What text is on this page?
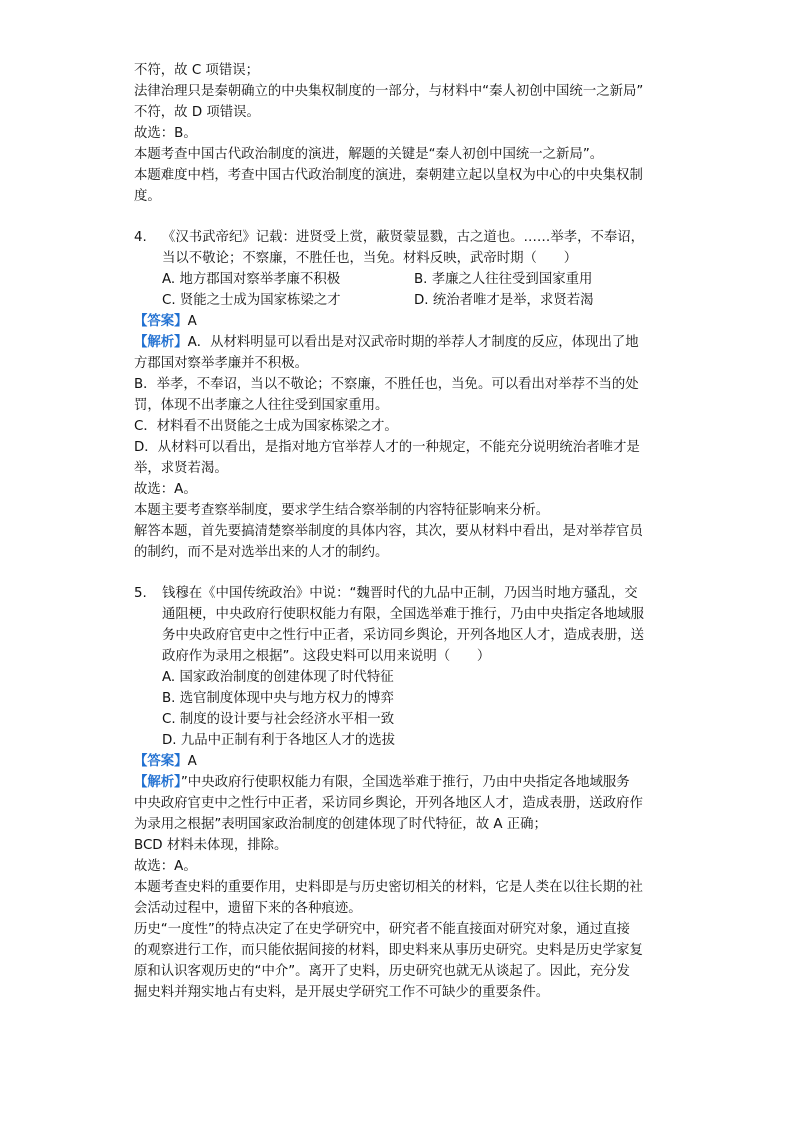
不符，故 C 项错误；
法律治理只是秦朝确立的中央集权制度的一部分，与材料中“秦人初创中国统一之新局”
不符，故 D 项错误。
故选：B。
本题考查中国古代政治制度的演进，解题的关键是“秦人初创中国统一之新局”。
本题难度中档，考查中国古代政治制度的演进，秦朝建立起以皇权为中心的中央集权制
度。
4. 《汉书武帝纪》记载：进贤受上赏，蔽贤蒙显戮，古之道也。……举孝，不奉诏，
当以不敬论；不察廉，不胜任也，当免。材料反映，武帝时期（　　）
A. 地方郡国对察举孝廉不积极	B. 孝廉之人往往受到国家重用
C. 贤能之士成为国家栋梁之才	D. 统治者唯才是举，求贤若渴
【答案】A
【解析】A．从材料明显可以看出是对汉武帝时期的举荐人才制度的反应，体现出了地
方郡国对察举孝廉并不积极。
B．举孝，不奉诏，当以不敬论；不察廉，不胜任也，当免。可以看出对举荐不当的处
罚，体现不出孝廉之人往往受到国家重用。
C．材料看不出贤能之士成为国家栋梁之才。
D．从材料可以看出，是指对地方官举荐人才的一种规定，不能充分说明统治者唯才是
举，求贤若渴。
故选：A。
本题主要考查察举制度，要求学生结合察举制的内容特征影响来分析。
解答本题，首先要搞清楚察举制度的具体内容，其次，要从材料中看出，是对举荐官员
的制约，而不是对选举出来的人才的制约。
5. 钱穆在《中国传统政治》中说：“魏晋时代的九品中正制，乃因当时地方骚乱，交
通阻梗，中央政府行使职权能力有限，全国选举难于推行，乃由中央指定各地域服
务中央政府官吏中之性行中正者，采访同乡舆论，开列各地区人才，造成表册，送
政府作为录用之根据”。这段史料可以用来说明（　　）
A. 国家政治制度的创建体现了时代特征
B. 选官制度体现中央与地方权力的博弈
C. 制度的设计要与社会经济水平相一致
D. 九品中正制有利于各地区人才的选拔
【答案】A
【解析】”中央政府行使职权能力有限，全国选举难于推行，乃由中央指定各地域服务
中央政府官吏中之性行中正者，采访同乡舆论，开列各地区人才，造成表册，送政府作
为录用之根据”表明国家政治制度的创建体现了时代特征，故 A 正确；
BCD 材料未体现，排除。
故选：A。
本题考查史料的重要作用，史料即是与历史密切相关的材料，它是人类在以往长期的社
会活动过程中，遗留下来的各种痕迹。
历史“一度性”的特点决定了在史学研究中，研究者不能直接面对研究对象，通过直接
的观察进行工作，而只能依据间接的材料，即史料来从事历史研究。史料是历史学家复
原和认识客观历史的“中介”。离开了史料，历史研究也就无从谈起了。因此，充分发
掘史料并翔实地占有史料，是开展史学研究工作不可缺少的重要条件。
